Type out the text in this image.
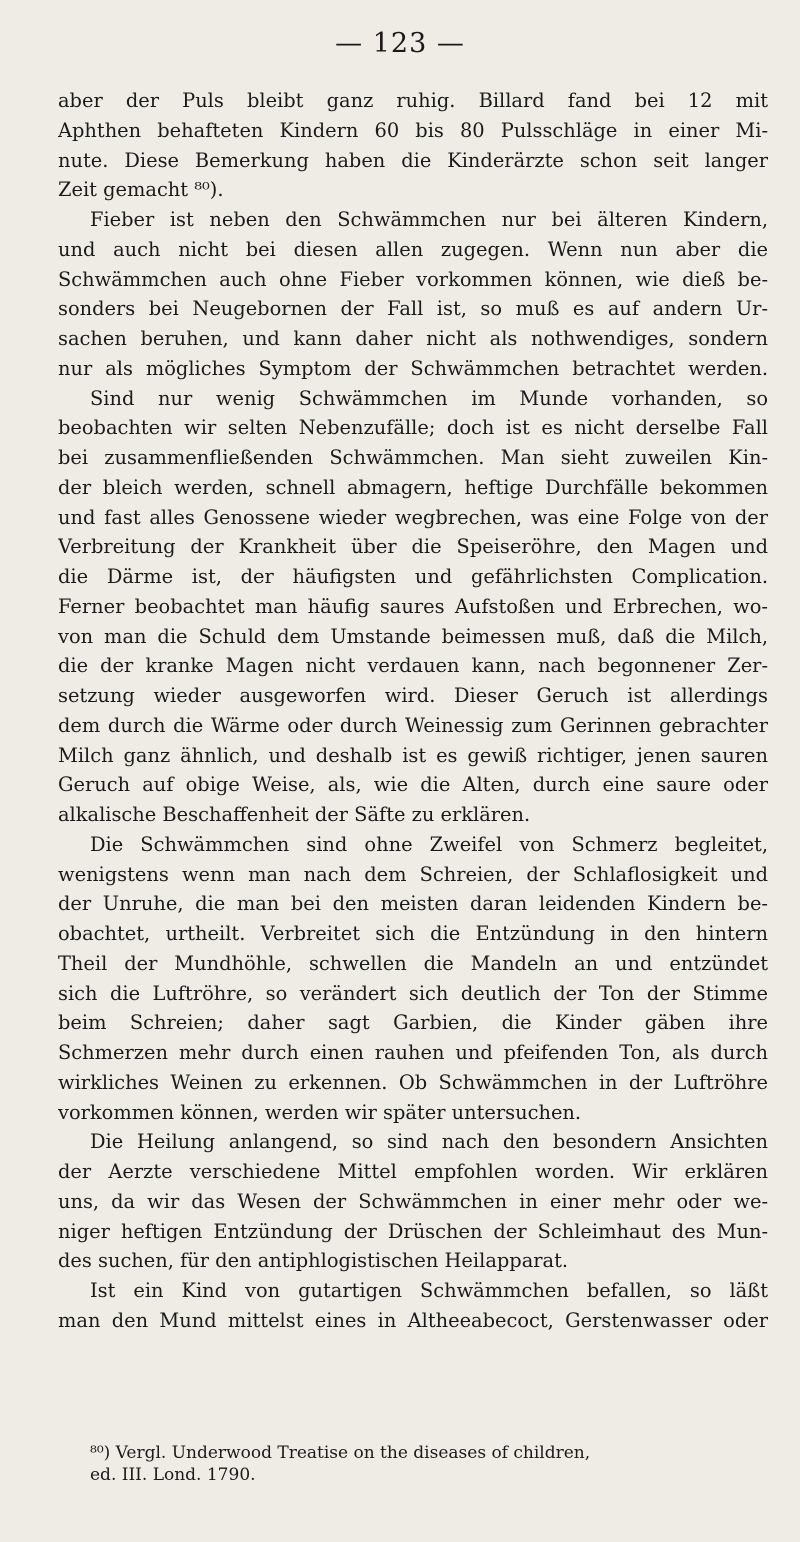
— 123 —
aber der Puls bleibt ganz ruhig. Billard fand bei 12 mit
Aphthen behafteten Kindern 60 bis 80 Pulsschläge in einer Mi-
nute. Diese Bemerkung haben die Kinderärzte schon seit langer
Zeit gemacht ⁸⁰).
Fieber ist neben den Schwämmchen nur bei älteren Kindern,
und auch nicht bei diesen allen zugegen. Wenn nun aber die
Schwämmchen auch ohne Fieber vorkommen können, wie dieß be-
sonders bei Neugebornen der Fall ist, so muß es auf andern Ur-
sachen beruhen, und kann daher nicht als nothwendiges, sondern
nur als mögliches Symptom der Schwämmchen betrachtet werden.
Sind nur wenig Schwämmchen im Munde vorhanden, so
beobachten wir selten Nebenzufälle; doch ist es nicht derselbe Fall
bei zusammenfließenden Schwämmchen. Man sieht zuweilen Kin-
der bleich werden, schnell abmagern, heftige Durchfälle bekommen
und fast alles Genossene wieder wegbrechen, was eine Folge von der
Verbreitung der Krankheit über die Speiseröhre, den Magen und
die Därme ist, der häufigsten und gefährlichsten Complication.
Ferner beobachtet man häufig saures Aufstoßen und Erbrechen, wo-
von man die Schuld dem Umstande beimessen muß, daß die Milch,
die der kranke Magen nicht verdauen kann, nach begonnener Zer-
setzung wieder ausgeworfen wird. Dieser Geruch ist allerdings
dem durch die Wärme oder durch Weinessig zum Gerinnen gebrachter
Milch ganz ähnlich, und deshalb ist es gewiß richtiger, jenen sauren
Geruch auf obige Weise, als, wie die Alten, durch eine saure oder
alkalische Beschaffenheit der Säfte zu erklären.
Die Schwämmchen sind ohne Zweifel von Schmerz begleitet,
wenigstens wenn man nach dem Schreien, der Schlaflosigkeit und
der Unruhe, die man bei den meisten daran leidenden Kindern be-
obachtet, urtheilt. Verbreitet sich die Entzündung in den hintern
Theil der Mundhöhle, schwellen die Mandeln an und entzündet
sich die Luftröhre, so verändert sich deutlich der Ton der Stimme
beim Schreien; daher sagt Garbien, die Kinder gäben ihre
Schmerzen mehr durch einen rauhen und pfeifenden Ton, als durch
wirkliches Weinen zu erkennen. Ob Schwämmchen in der Luftröhre
vorkommen können, werden wir später untersuchen.
Die Heilung anlangend, so sind nach den besondern Ansichten
der Aerzte verschiedene Mittel empfohlen worden. Wir erklären
uns, da wir das Wesen der Schwämmchen in einer mehr oder we-
niger heftigen Entzündung der Drüschen der Schleimhaut des Mun-
des suchen, für den antiphlogistischen Heilapparat.
Ist ein Kind von gutartigen Schwämmchen befallen, so läßt
man den Mund mittelst eines in Altheeabecoct, Gerstenwasser oder
⁸⁰) Vergl. Underwood Treatise on the diseases of children,
ed. III. Lond. 1790.
